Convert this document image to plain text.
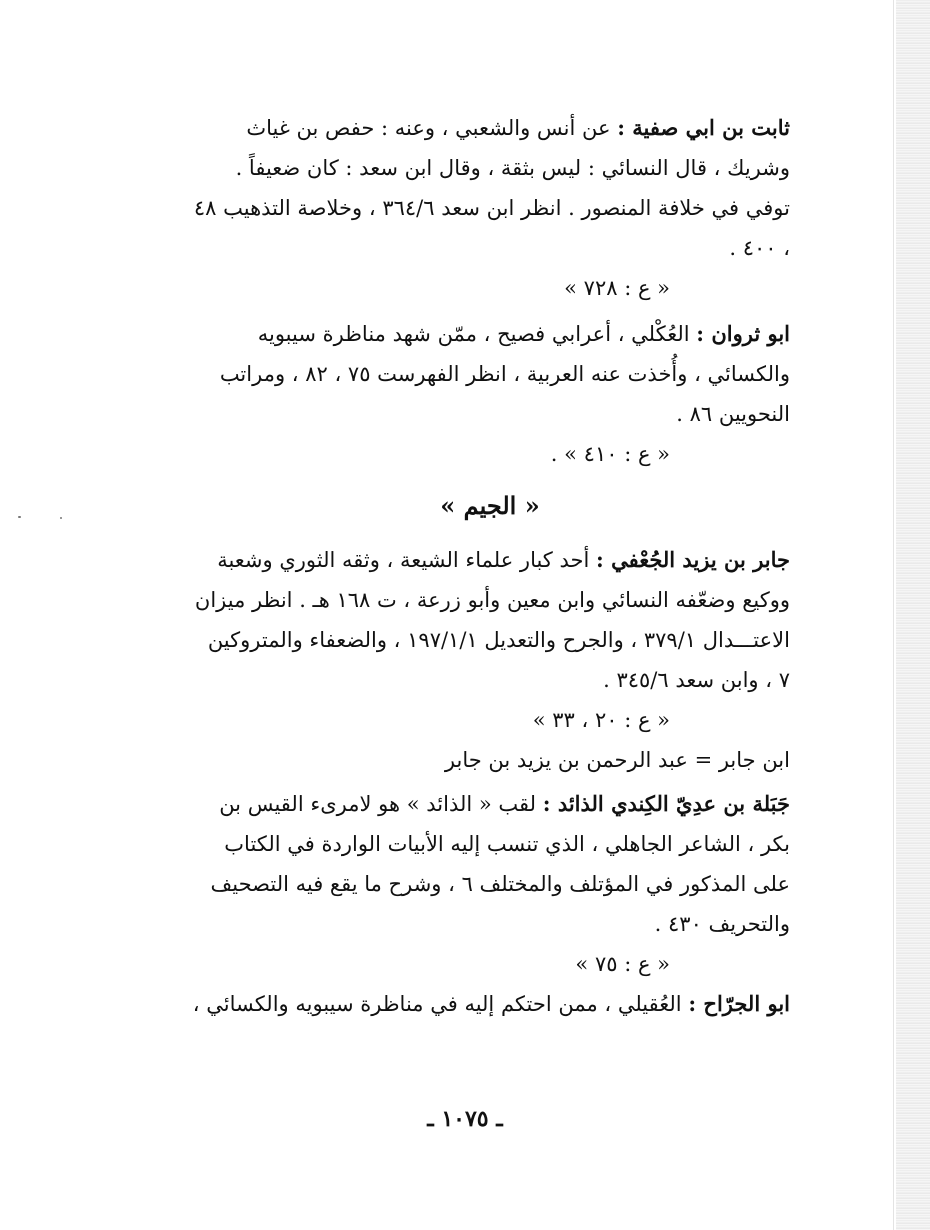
ثابت بن ابي صفية : عن أنس والشعبي ، وعنه : حفص بن غياث وشريك ، قال النسائي : ليس بثقة ، وقال ابن سعد : كان ضعيفاً . توفي في خلافة المنصور . انظر ابن سعد ٣٦٤/٦ ، وخلاصة التذهيب ٤٨ ، ٤٠٠ .

« ع : ٧٢٨ »

ابو ثروان : العُكْلي ، أعرابي فصيح ، ممّن شهد مناظرة سيبويه والكسائي ، وأُخذت عنه العربية ، انظر الفهرست ٧٥ ، ٨٢ ، ومراتب النحويين ٨٦ .

« ع : ٤١٠ » .

« الجيم »

جابر بن يزيد الجُعْفي : أحد كبار علماء الشيعة ، وثقه الثوري وشعبة ووكيع وضعّفه النسائي وابن معين وأبو زرعة ، ت ١٦٨ هـ . انظر ميزان الاعتـــدال ٣٧٩/١ ، والجرح والتعديل ١٩٧/١/١ ، والضعفاء والمتروكين ٧ ، وابن سعد ٣٤٥/٦ .

« ع : ٢٠ ، ٣٣ »

ابن جابر = عبد الرحمن بن يزيد بن جابر

جَبَلة بن عدِيّ الكِندي الذائد : لقب « الذائد » هو لامرىء القيس بن بكر ، الشاعر الجاهلي ، الذي تنسب إليه الأبيات الواردة في الكتاب على المذكور في المؤتلف والمختلف ٦ ، وشرح ما يقع فيه التصحيف والتحريف ٤٣٠ .

« ع : ٧٥ »

ابو الجرّاح : العُقيلي ، ممن احتكم إليه في مناظرة سيبويه والكسائي ،

ـ ١٠٧٥ ـ
